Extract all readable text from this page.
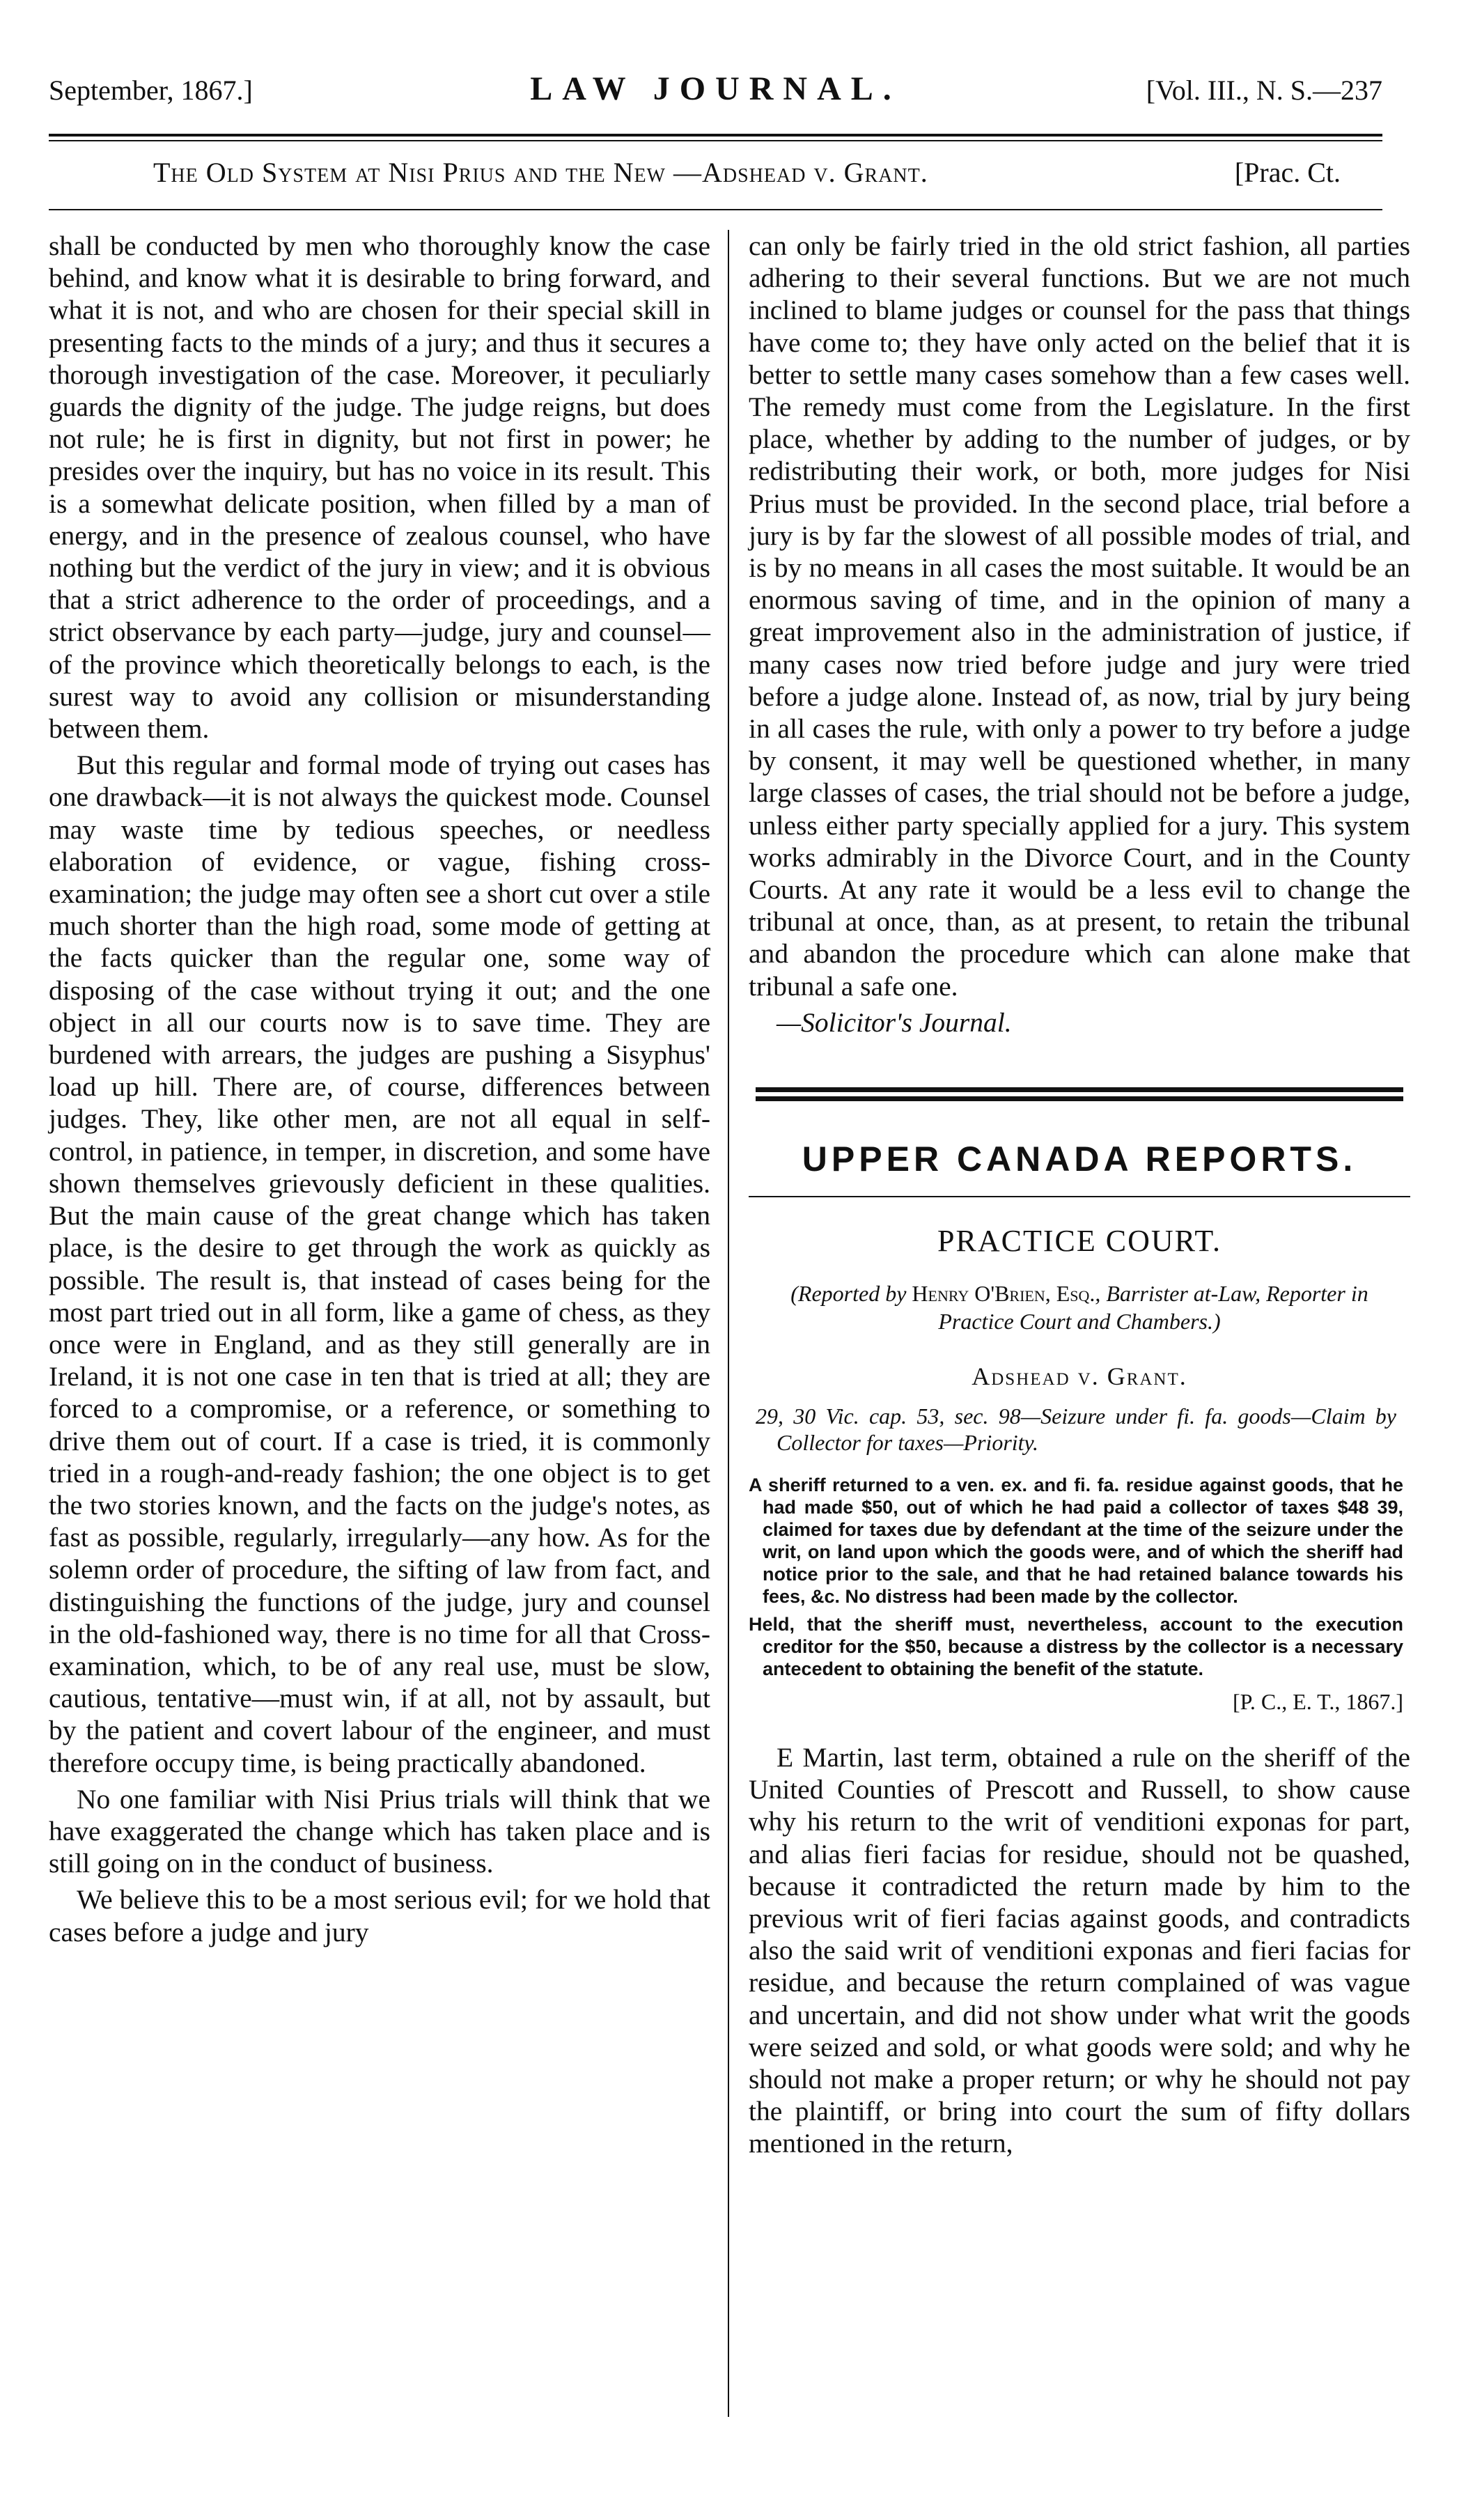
September, 1867.]	LAW JOURNAL.	[Vol. III., N. S.—237
The Old System at Nisi Prius and the New —Adshead v. Grant.	[Prac. Ct.

shall be conducted by men who thoroughly know the case behind, and know what it is desirable to bring forward, and what it is not, and who are chosen for their special skill in presenting facts to the minds of a jury; and thus it secures a thorough investigation of the case. Moreover, it peculiarly guards the dignity of the judge. The judge reigns, but does not rule; he is first in dignity, but not first in power; he presides over the inquiry, but has no voice in its result. This is a somewhat delicate position, when filled by a man of energy, and in the presence of zealous counsel, who have nothing but the verdict of the jury in view; and it is obvious that a strict adherence to the order of proceedings, and a strict observance by each party—judge, jury and counsel—of the province which theoretically belongs to each, is the surest way to avoid any collision or misunderstanding between them.

But this regular and formal mode of trying out cases has one drawback—it is not always the quickest mode. Counsel may waste time by tedious speeches, or needless elaboration of evidence, or vague, fishing cross-examination; the judge may often see a short cut over a stile much shorter than the high road, some mode of getting at the facts quicker than the regular one, some way of disposing of the case without trying it out; and the one object in all our courts now is to save time. They are burdened with arrears, the judges are pushing a Sisyphus' load up hill. There are, of course, differences between judges. They, like other men, are not all equal in self-control, in patience, in temper, in discretion, and some have shown themselves grievously deficient in these qualities. But the main cause of the great change which has taken place, is the desire to get through the work as quickly as possible. The result is, that instead of cases being for the most part tried out in all form, like a game of chess, as they once were in England, and as they still generally are in Ireland, it is not one case in ten that is tried at all; they are forced to a compromise, or a reference, or something to drive them out of court. If a case is tried, it is commonly tried in a rough-and-ready fashion; the one object is to get the two stories known, and the facts on the judge's notes, as fast as possible, regularly, irregularly—any how. As for the solemn order of procedure, the sifting of law from fact, and distinguishing the functions of the judge, jury and counsel in the old-fashioned way, there is no time for all that Cross-examination, which, to be of any real use, must be slow, cautious, tentative—must win, if at all, not by assault, but by the patient and covert labour of the engineer, and must therefore occupy time, is being practically abandoned.

No one familiar with Nisi Prius trials will think that we have exaggerated the change which has taken place and is still going on in the conduct of business.

We believe this to be a most serious evil; for we hold that cases before a judge and jury

can only be fairly tried in the old strict fashion, all parties adhering to their several functions. But we are not much inclined to blame judges or counsel for the pass that things have come to; they have only acted on the belief that it is better to settle many cases somehow than a few cases well. The remedy must come from the Legislature. In the first place, whether by adding to the number of judges, or by redistributing their work, or both, more judges for Nisi Prius must be provided. In the second place, trial before a jury is by far the slowest of all possible modes of trial, and is by no means in all cases the most suitable. It would be an enormous saving of time, and in the opinion of many a great improvement also in the administration of justice, if many cases now tried before judge and jury were tried before a judge alone. Instead of, as now, trial by jury being in all cases the rule, with only a power to try before a judge by consent, it may well be questioned whether, in many large classes of cases, the trial should not be before a judge, unless either party specially applied for a jury. This system works admirably in the Divorce Court, and in the County Courts. At any rate it would be a less evil to change the tribunal at once, than, as at present, to retain the tribunal and abandon the procedure which can alone make that tribunal a safe one.

—Solicitor's Journal.

UPPER CANADA REPORTS.
PRACTICE COURT.
(Reported by Henry O'Brien, Esq., Barrister at-Law, Reporter in Practice Court and Chambers.)
Adshead v. Grant.
29, 30 Vic. cap. 53, sec. 98—Seizure under fi. fa. goods—Claim by Collector for taxes—Priority.
A sheriff returned to a ven. ex. and fi. fa. residue against goods, that he had made $50, out of which he had paid a collector of taxes $48 39, claimed for taxes due by defendant at the time of the seizure under the writ, on land upon which the goods were, and of which the sheriff had notice prior to the sale, and that he had retained balance towards his fees, &c. No distress had been made by the collector.
Held, that the sheriff must, nevertheless, account to the execution creditor for the $50, because a distress by the collector is a necessary antecedent to obtaining the benefit of the statute.
[P. C., E. T., 1867.]

E Martin, last term, obtained a rule on the sheriff of the United Counties of Prescott and Russell, to show cause why his return to the writ of venditioni exponas for part, and alias fieri facias for residue, should not be quashed, because it contradicted the return made by him to the previous writ of fieri facias against goods, and contradicts also the said writ of venditioni exponas and fieri facias for residue, and because the return complained of was vague and uncertain, and did not show under what writ the goods were seized and sold, or what goods were sold; and why he should not make a proper return; or why he should not pay the plaintiff, or bring into court the sum of fifty dollars mentioned in the return,
